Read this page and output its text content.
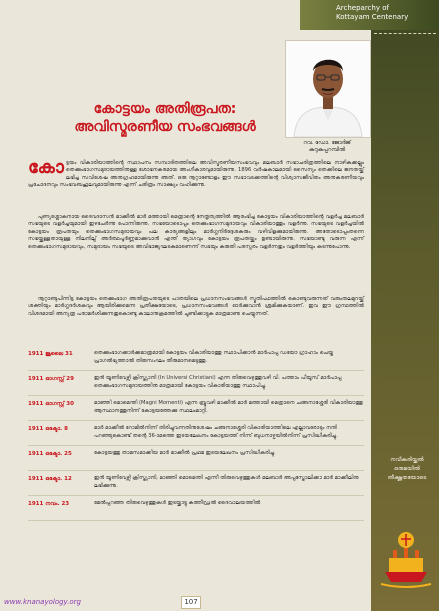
കോട്ടയം അതിരൂപത:
അവിസ്മരണീയ സംഭവങ്ങൾ
കോട്ടയം വികാരിയാത്തിന്റെ സ്ഥാപനം സമ്പാദിതത്തിലെ അവിസ്മരണീയസംഭവവും മലബാർ സഭാചരിത്രത്തിലെ നാഴികക്കല്ലും തെക്കുംഭാഗസമുദായത്തിനുള്ള ശോഭനകരമായ അംഗീകാരവുമായിരുന്നു. 1896 വർഷകാലമായി സൈന്യം തെക്കിലെ ജനതയ്ക്ക് ലഭിച്ച സവിശേഷ അനുഗ്രഹമായിരുന്നു അത്. ഒരു നൂറ്റാണ്ടോളം ഈ സഭാവടക്കത്തിന്റെ വിശ്വാസജീവിതം അനുകരണീയവും പ്രചോദനവും സംഭവബഹുലവുമായിരുന്നു എന്ന് ചരിത്രം സാക്ഷ്യം വഹിക്കുന്നു.
പുണ്യശ്ലോകനായ ദൈവദാസൻ മാക്കീൽ മാർ മത്തായി മെത്രാന്റെ നേതൃത്വത്തിൽ ആരംഭിച്ച കോട്ടയം വികാരിയാത്തിന്റെ വളർച്ച മലബാർ സഭയുടെ വളർച്ചയുമായി ഇഴചേർന്നു പോന്നിരുന്നു. സഭയോടൊപ്പം തെക്കുംഭാഗസമുദായവും വികാരിയാത്തും വളർന്നു. സഭയുടെ വളർച്ചയിൽ കോട്ടയം രൂപതയും തെക്കുംഭാഗസമുദായവും പല കാര്യങ്ങളിലും മാർഗ്ഗനിർദ്ദേശകരും വഴിവിളക്കുമായിരുന്നു. അതോടൊപ്പംതന്നെ സഭയ്ക്കുള്ളതായുള്ള നിലനില്പ് അർത്ഥപൂർണ്ണമാക്കുവാൻ എന്ത് ത്യാഗവും കോട്ടയം രൂപതയ്ക്കും ഉണ്ടായിരുന്നു. സഭയാണ്ടു വരുന്ന എന്ന് തെക്കുംഭാഗസമുദായവും, സമുദായം സഭയുടെ അവിഭാജ്യഘടകമാണെന്ന് സഭയും കരുതി പരസ്പരം വളർന്നതും വളർത്തിയും കടന്നുപോന്നു.
നൂറ്റാണ്ടുപിന്നിട്ട കോട്ടയം തെക്കുംഭാഗ അതിരൂപതയുടെ പാതയിലെ പ്രധാനസംഭവങ്ങൾ സ്മൃതിപഥത്തിൽ കൊണ്ടുവരുന്നത് വരുംതലമുറയ്ക്ക് ശക്തിയും മാർഗ്ഗദർശകവും ആയിരിക്കുമെന്ന പ്രതീക്ഷയോടെ, പ്രധാനസംഭവങ്ങൾ ഓർക്കുവാൻ ശ്രമിക്കുകയാണ്. ഇവ ഈ ഗ്രന്ഥത്തിൽ വിശദമായി അന്യത്ര പരാമർശിക്കുന്നതുകൊണ്ടു കാലാനുക്രമത്തിൽ ചൂണ്ടിക്കാട്ടുക മാത്രമാണു ചെയ്യുന്നത്.
1911 ജൂലൈ 31	തെക്കുംഭാഗക്കാർക്കുമാത്രമായി കോട്ടയം വികാരിയാത്തു സ്ഥാപിക്കാൻ മാർപാപ്പ ഡയോ ഗ്രാഹാം ചെയ്ത പ്രാഗൽഭ്യത്താൽ തിരുസംഘം തീരുമാനമെടുത്തു.
1911 ഓഗസ്റ്റ് 29	ഇൻ യൂണിവേഴ്സി ക്രിസ്ത്യാനി (In Universi Christiani) എന്ന തിരുവെഴുത്തുവഴി വി. പത്താം പീയൂസ് മാർപാപ്പ തെക്കുംഭാഗസമുദായത്തിനു മാത്രമായി കോട്ടയം വികാരിയാത്തു സ്ഥാപിച്ചു.
1911 ഓഗസ്റ്റ് 30	മാഞ്ഞി മൊമെന്തി (Magni Momenti) എന്ന ബ്രൂവഴി മാക്കീൽ മാർ മത്തായി മെത്രാനെ ചങ്ങനാശ്ശേരി വികാരിയാത്തു ആസ്ഥാനത്തുനിന്ന് കോട്ടയത്തേക്കു സ്ഥലംമാറ്റി.
1911 ഒക്ടോ. 8	മാർ മാക്കീൽ റോമിൽനിന്ന് തിരിച്ചുവന്നതിനുശേഷം ചങ്ങനാശ്ശേരി വികാരിയാത്തിലെ എല്ലാവരോടും നന്ദി പറഞ്ഞുകൊണ്ട് തന്റെ 36-ാമത്തെ ഇടയലേഖനം കോട്ടയത്ത് നിന്ന് ബുധനാഴ്ചയിൽനിന്ന് പ്രസിദ്ധീകരിച്ചു.
1911 ഒക്ടോ. 25	കോട്ടയത്തു താമസമാക്കിയ മാർ മാക്കീൽ പ്രഥമ ഇടയലേഖനം പ്രസിദ്ധീകരിച്ചു.
1911 ഒക്ടോ. 12	ഇൻ യൂണിവേഴ്സി ക്രിസ്ത്യാനി, മാഞ്ഞി മൊമെന്തി എന്നീ തിരുവെഴുത്തുകൾ മലബാർ അപ്പസ്തോലിക്കാ മാർ മാക്കീലിനു ലഭിക്കുന്നു.
1911 നവം. 23	മേൽപ്പറഞ്ഞ തിരുവെഴുത്തുകൾ ഇടയ്ക്കാട്ടു കത്തീഡ്രൽ ദൈവാലയത്തിൽ
www.knanayology.org	107
Archeparchy of
Kottayam Centenary
റവ. ഡോ. ജോർജ്
കറുകപ്പറമ്പിൽ
നവീകരിയ്ക്കൽ
ഒരുമയിൽ
തീക്ഷ്ണതയോടെ
